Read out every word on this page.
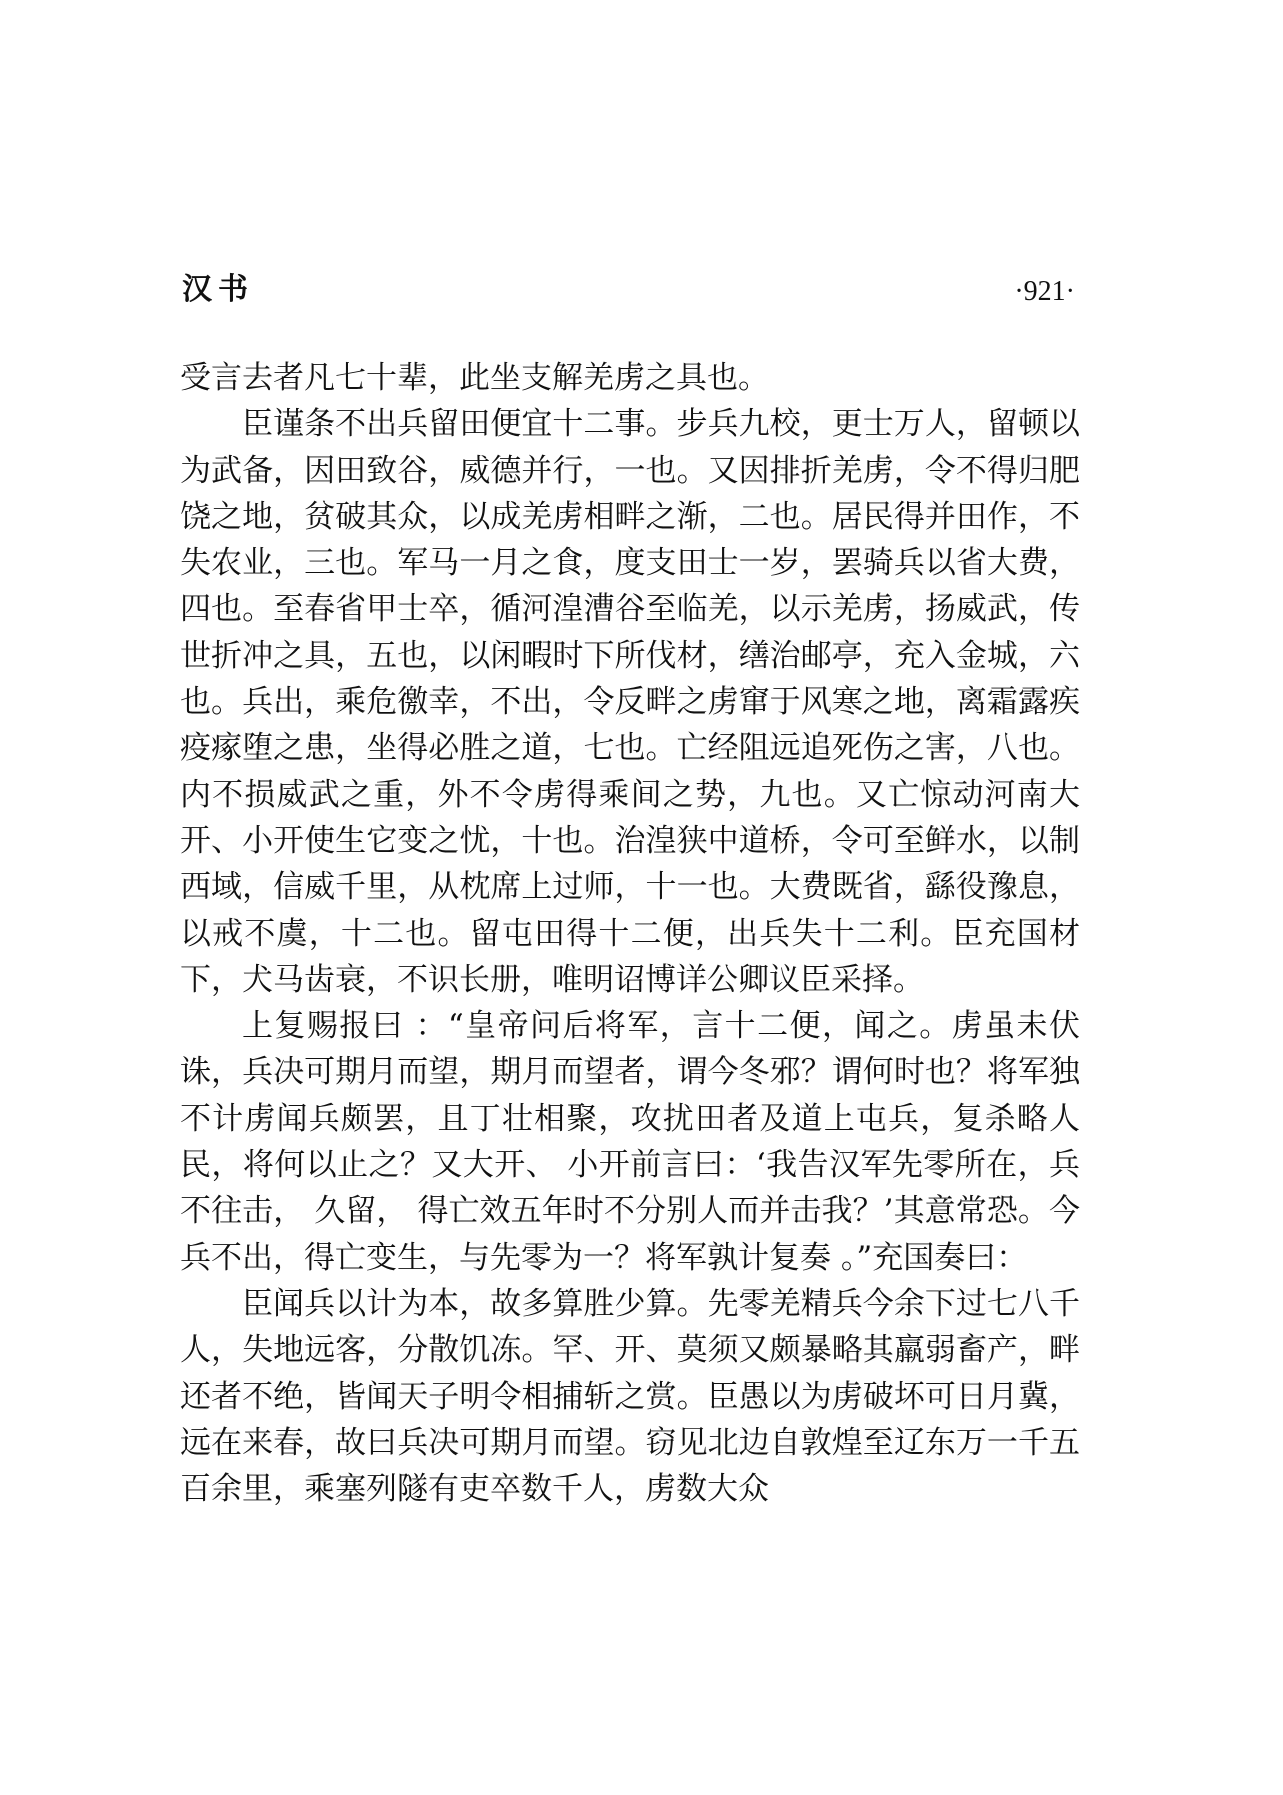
汉书	·921·

受言去者凡七十辈，此坐支解羌虏之具也。

臣谨条不出兵留田便宜十二事。步兵九校，更士万人，留顿以为武备，因田致谷，威德并行，一也。又因排折羌虏，令不得归肥饶之地，贫破其众，以成羌虏相畔之渐，二也。居民得并田作，不失农业，三也。军马一月之食，度支田士一岁，罢骑兵以省大费，四也。至春省甲士卒，循河湟漕谷至临羌，以示羌虏，扬威武，传世折冲之具，五也，以闲暇时下所伐材，缮治邮亭，充入金城，六也。兵出，乘危徼幸，不出，令反畔之虏窜于风寒之地，离霜露疾疫瘃堕之患，坐得必胜之道，七也。亡经阻远追死伤之害，八也。内不损威武之重，外不令虏得乘间之势，九也。又亡惊动河南大开、小开使生它变之忧，十也。治湟狭中道桥，令可至鲜水，以制西域，信威千里，从枕席上过师，十一也。大费既省，繇役豫息，以戒不虞，十二也。留屯田得十二便，出兵失十二利。臣充国材下，犬马齿衰，不识长册，唯明诏博详公卿议臣采择。

上复赐报曰 ：“皇帝问后将军，言十二便，闻之。虏虽未伏诛，兵决可期月而望，期月而望者，谓今冬邪？谓何时也？将军独不计虏闻兵颇罢，且丁壮相聚，攻扰田者及道上屯兵，复杀略人民，将何以止之？又大开、 小开前言曰：‘我告汉军先零所在，兵不往击， 久留， 得亡效五年时不分别人而并击我？’其意常恐。今兵不出，得亡变生，与先零为一？将军孰计复奏 。”充国奏曰：

臣闻兵以计为本，故多算胜少算。先零羌精兵今余下过七八千人，失地远客，分散饥冻。罕、开、莫须又颇暴略其羸弱畜产，畔还者不绝，皆闻天子明令相捕斩之赏。臣愚以为虏破坏可日月冀，远在来春，故曰兵决可期月而望。窃见北边自敦煌至辽东万一千五百余里，乘塞列隧有吏卒数千人，虏数大众
